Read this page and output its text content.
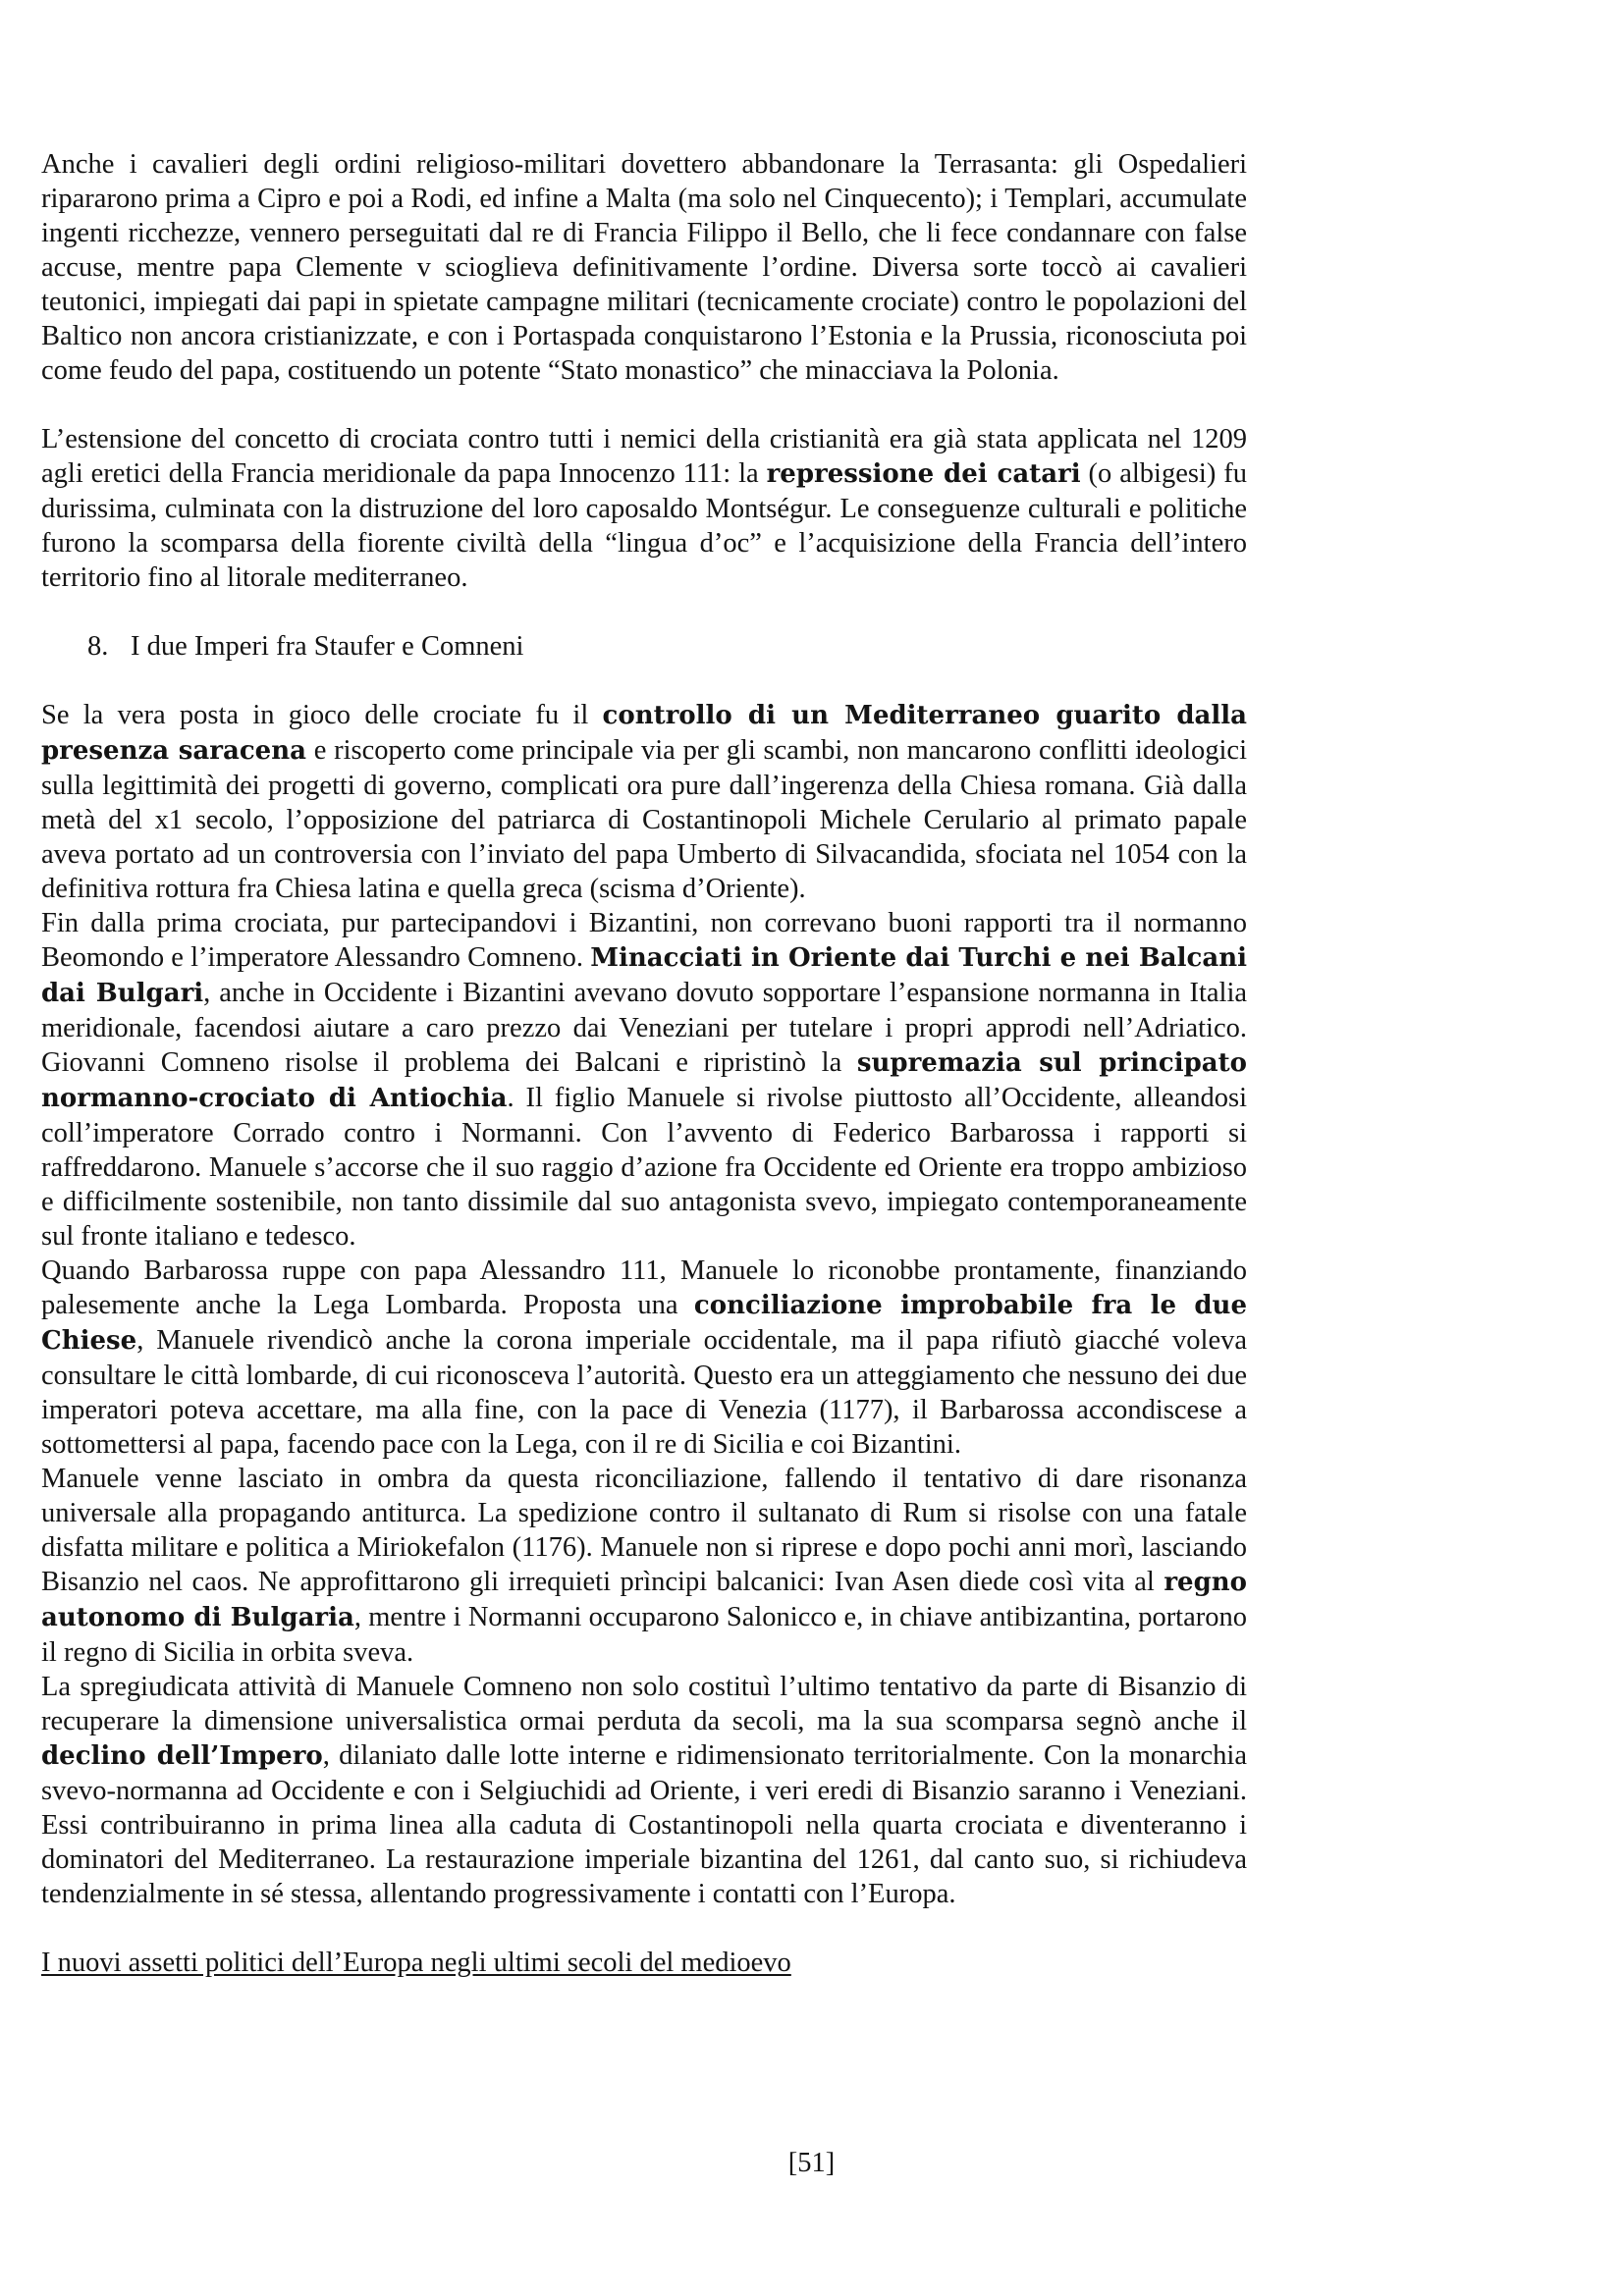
Anche i cavalieri degli ordini religioso-militari dovettero abbandonare la Terrasanta: gli Ospedalieri ripararono prima a Cipro e poi a Rodi, ed infine a Malta (ma solo nel Cinquecento); i Templari, accumulate ingenti ricchezze, vennero perseguitati dal re di Francia Filippo il Bello, che li fece condannare con false accuse, mentre papa Clemente v scioglieva definitivamente l’ordine. Diversa sorte toccò ai cavalieri teutonici, impiegati dai papi in spietate campagne militari (tecnicamente crociate) contro le popolazioni del Baltico non ancora cristianizzate, e con i Portaspada conquistarono l’Estonia e la Prussia, riconosciuta poi come feudo del papa, costituendo un potente “Stato monastico” che minacciava la Polonia.

L’estensione del concetto di crociata contro tutti i nemici della cristianità era già stata applicata nel 1209 agli eretici della Francia meridionale da papa Innocenzo 111: la repressione dei catari (o albigesi) fu durissima, culminata con la distruzione del loro caposaldo Montségur. Le conseguenze culturali e politiche furono la scomparsa della fiorente civiltà della “lingua d’oc” e l’acquisizione della Francia dell’intero territorio fino al litorale mediterraneo.

8. I due Imperi fra Staufer e Comneni

Se la vera posta in gioco delle crociate fu il controllo di un Mediterraneo guarito dalla presenza saracena e riscoperto come principale via per gli scambi, non mancarono conflitti ideologici sulla legittimità dei progetti di governo, complicati ora pure dall’ingerenza della Chiesa romana. Già dalla metà del x1 secolo, l’opposizione del patriarca di Costantinopoli Michele Cerulario al primato papale aveva portato ad un controversia con l’inviato del papa Umberto di Silvacandida, sfociata nel 1054 con la definitiva rottura fra Chiesa latina e quella greca (scisma d’Oriente).

Fin dalla prima crociata, pur partecipandovi i Bizantini, non correvano buoni rapporti tra il normanno Beomondo e l’imperatore Alessandro Comneno. Minacciati in Oriente dai Turchi e nei Balcani dai Bulgari, anche in Occidente i Bizantini avevano dovuto sopportare l’espansione normanna in Italia meridionale, facendosi aiutare a caro prezzo dai Veneziani per tutelare i propri approdi nell’Adriatico. Giovanni Comneno risolse il problema dei Balcani e ripristinò la supremazia sul principato normanno-crociato di Antiochia. Il figlio Manuele si rivolse piuttosto all’Occidente, alleandosi coll’imperatore Corrado contro i Normanni. Con l’avvento di Federico Barbarossa i rapporti si raffreddarono. Manuele s’accorse che il suo raggio d’azione fra Occidente ed Oriente era troppo ambizioso e difficilmente sostenibile, non tanto dissimile dal suo antagonista svevo, impiegato contemporaneamente sul fronte italiano e tedesco.

Quando Barbarossa ruppe con papa Alessandro 111, Manuele lo riconobbe prontamente, finanziando palesemente anche la Lega Lombarda. Proposta una conciliazione improbabile fra le due Chiese, Manuele rivendicò anche la corona imperiale occidentale, ma il papa rifiutò giacché voleva consultare le città lombarde, di cui riconosceva l’autorità. Questo era un atteggiamento che nessuno dei due imperatori poteva accettare, ma alla fine, con la pace di Venezia (1177), il Barbarossa accondiscese a sottomettersi al papa, facendo pace con la Lega, con il re di Sicilia e coi Bizantini.

Manuele venne lasciato in ombra da questa riconciliazione, fallendo il tentativo di dare risonanza universale alla propagando antiturca. La spedizione contro il sultanato di Rum si risolse con una fatale disfatta militare e politica a Miriokefalon (1176). Manuele non si riprese e dopo pochi anni morì, lasciando Bisanzio nel caos. Ne approfittarono gli irrequieti prìncipi balcanici: Ivan Asen diede così vita al regno autonomo di Bulgaria, mentre i Normanni occuparono Salonicco e, in chiave antibizantina, portarono il regno di Sicilia in orbita sveva.

La spregiudicata attività di Manuele Comneno non solo costituì l’ultimo tentativo da parte di Bisanzio di recuperare la dimensione universalistica ormai perduta da secoli, ma la sua scomparsa segnò anche il declino dell’Impero, dilaniato dalle lotte interne e ridimensionato territorialmente. Con la monarchia svevo-normanna ad Occidente e con i Selgiuchidi ad Oriente, i veri eredi di Bisanzio saranno i Veneziani. Essi contribuiranno in prima linea alla caduta di Costantinopoli nella quarta crociata e diventeranno i dominatori del Mediterraneo. La restaurazione imperiale bizantina del 1261, dal canto suo, si richiudeva tendenzialmente in sé stessa, allentando progressivamente i contatti con l’Europa.

I nuovi assetti politici dell’Europa negli ultimi secoli del medioevo
[51]
